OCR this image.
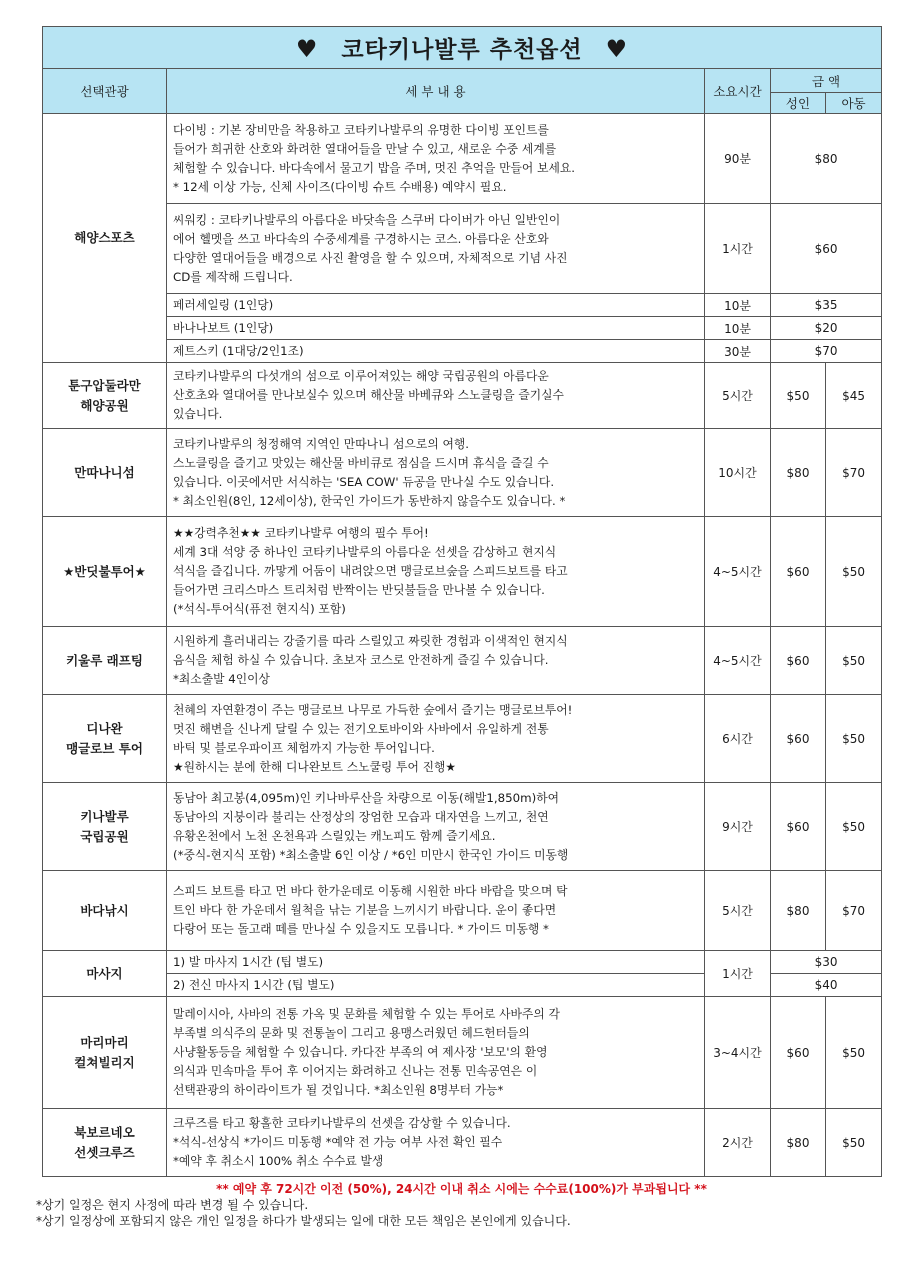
♥ 코타키나발루 추천옵션 ♥				
선택관광	세 부 내 용	소요시간	금 액	
			성인	아동
해양스포츠	다이빙 : 기본 장비만을 착용하고 코타키나발루의 유명한 다이빙 포인트를
들어가 희귀한 산호와 화려한 열대어들을 만날 수 있고, 새로운 수중 세계를
체험할 수 있습니다. 바다속에서 물고기 밥을 주며, 멋진 추억을 만들어 보세요.
* 12세 이상 가능, 신체 사이즈(다이빙 슈트 수배용) 예약시 필요.	90분	$80	

	씨워킹 : 코타키나발루의 아름다운 바닷속을 스쿠버 다이버가 아닌 일반인이
에어 헬멧을 쓰고 바다속의 수중세계를 구경하시는 코스. 아름다운 산호와
다양한 열대어들을 배경으로 사진 촬영을 할 수 있으며, 자체적으로 기념 사진
CD를 제작해 드립니다.	1시간	$60	
	페러세일링 (1인당)	10분	$35	
	바나나보트 (1인당)	10분	$20	
	제트스키 (1대당/2인1조)	30분	$70	

툰구압둘라만
해양공원	코타키나발루의 다섯개의 섬으로 이루어져있는 해양 국립공원의 아름다운
산호초와 열대어를 만나보실수 있으며 해산물 바베큐와 스노클링을 즐기실수
있습니다.	5시간	$50	$45

만따나니섬	코타키나발루의 청정해역 지역인 만따나니 섬으로의 여행.
스노클링을 즐기고 맛있는 해산물 바비큐로 점심을 드시며 휴식을 즐길 수
있습니다. 이곳에서만 서식하는 'SEA COW' 듀공을 만나실 수도 있습니다.
* 최소인원(8인, 12세이상), 한국인 가이드가 동반하지 않을수도 있습니다. *	10시간	$80	$70

★반딧불투어★	★★강력추천★★ 코타키나발루 여행의 필수 투어!
세계 3대 석양 중 하나인 코타키나발루의 아름다운 선셋을 감상하고 현지식
석식을 즐깁니다. 까맣게 어둠이 내려앉으면 맹글로브숲을 스피드보트를 타고
들어가면 크리스마스 트리처럼 반짝이는 반딧불들을 만나볼 수 있습니다.
(*석식-투어식(퓨전 현지식) 포함)	4~5시간	$60	$50

키울루 래프팅	시원하게 흘러내리는 강줄기를 따라 스릴있고 짜릿한 경험과 이색적인 현지식
음식을 체험 하실 수 있습니다. 초보자 코스로 안전하게 즐길 수 있습니다.
*최소출발 4인이상	4~5시간	$60	$50

디나완
맹글로브 투어	천혜의 자연환경이 주는 맹글로브 나무로 가득한 숲에서 즐기는 맹글로브투어!
멋진 해변을 신나게 달릴 수 있는 전기오토바이와 사바에서 유일하게 전통
바틱 및 블로우파이프 체험까지 가능한 투어입니다.
★원하시는 분에 한해 디나완보트 스노쿨링 투어 진행★	6시간	$60	$50

키나발루
국립공원	동남아 최고봉(4,095m)인 키나바루산을 차량으로 이동(해발1,850m)하여
동남아의 지붕이라 불리는 산정상의 장엄한 모습과 대자연을 느끼고, 천연
유황온천에서 노천 온천욕과 스릴있는 캐노피도 함께 즐기세요.
(*중식-현지식 포함) *최소출발 6인 이상 / *6인 미만시 한국인 가이드 미동행	9시간	$60	$50

바다낚시	스피드 보트를 타고 먼 바다 한가운데로 이동해 시원한 바다 바람을 맞으며 탁
트인 바다 한 가운데서 월척을 낚는 기분을 느끼시기 바랍니다. 운이 좋다면
다랑어 또는 돌고래 떼를 만나실 수 있을지도 모릅니다. * 가이드 미동행 *	5시간	$80	$70
마사지	1) 발 마사지 1시간 (팁 별도)	1시간	$30	
	2) 전신 마사지 1시간 (팁 별도)		$40	

마리마리
컬쳐빌리지	말레이시아, 사바의 전통 가옥 및 문화를 체험할 수 있는 투어로 사바주의 각
부족별 의식주의 문화 및 전통놀이 그리고 용맹스러웠던 헤드헌터들의
사냥활동등을 체험할 수 있습니다. 카다잔 부족의 여 제사장 '보모'의 환영
의식과 민속마을 투어 후 이어지는 화려하고 신나는 전통 민속공연은 이
선택관광의 하이라이트가 될 것입니다. *최소인원 8명부터 가능*	3~4시간	$60	$50

북보르네오
선셋크루즈	크루즈를 타고 황홀한 코타키나발루의 선셋을 감상할 수 있습니다.
*석식-선상식 *가이드 미동행 *예약 전 가능 여부 사전 확인 필수
*예약 후 취소시 100% 취소 수수료 발생	2시간	$80	$50
** 예약 후 72시간 이전 (50%), 24시간 이내 취소 시에는 수수료(100%)가 부과됩니다 **
*상기 일정은 현지 사정에 따라 변경 될 수 있습니다.
*상기 일정상에 포함되지 않은 개인 일정을 하다가 발생되는 일에 대한 모든 책임은 본인에게 있습니다.
